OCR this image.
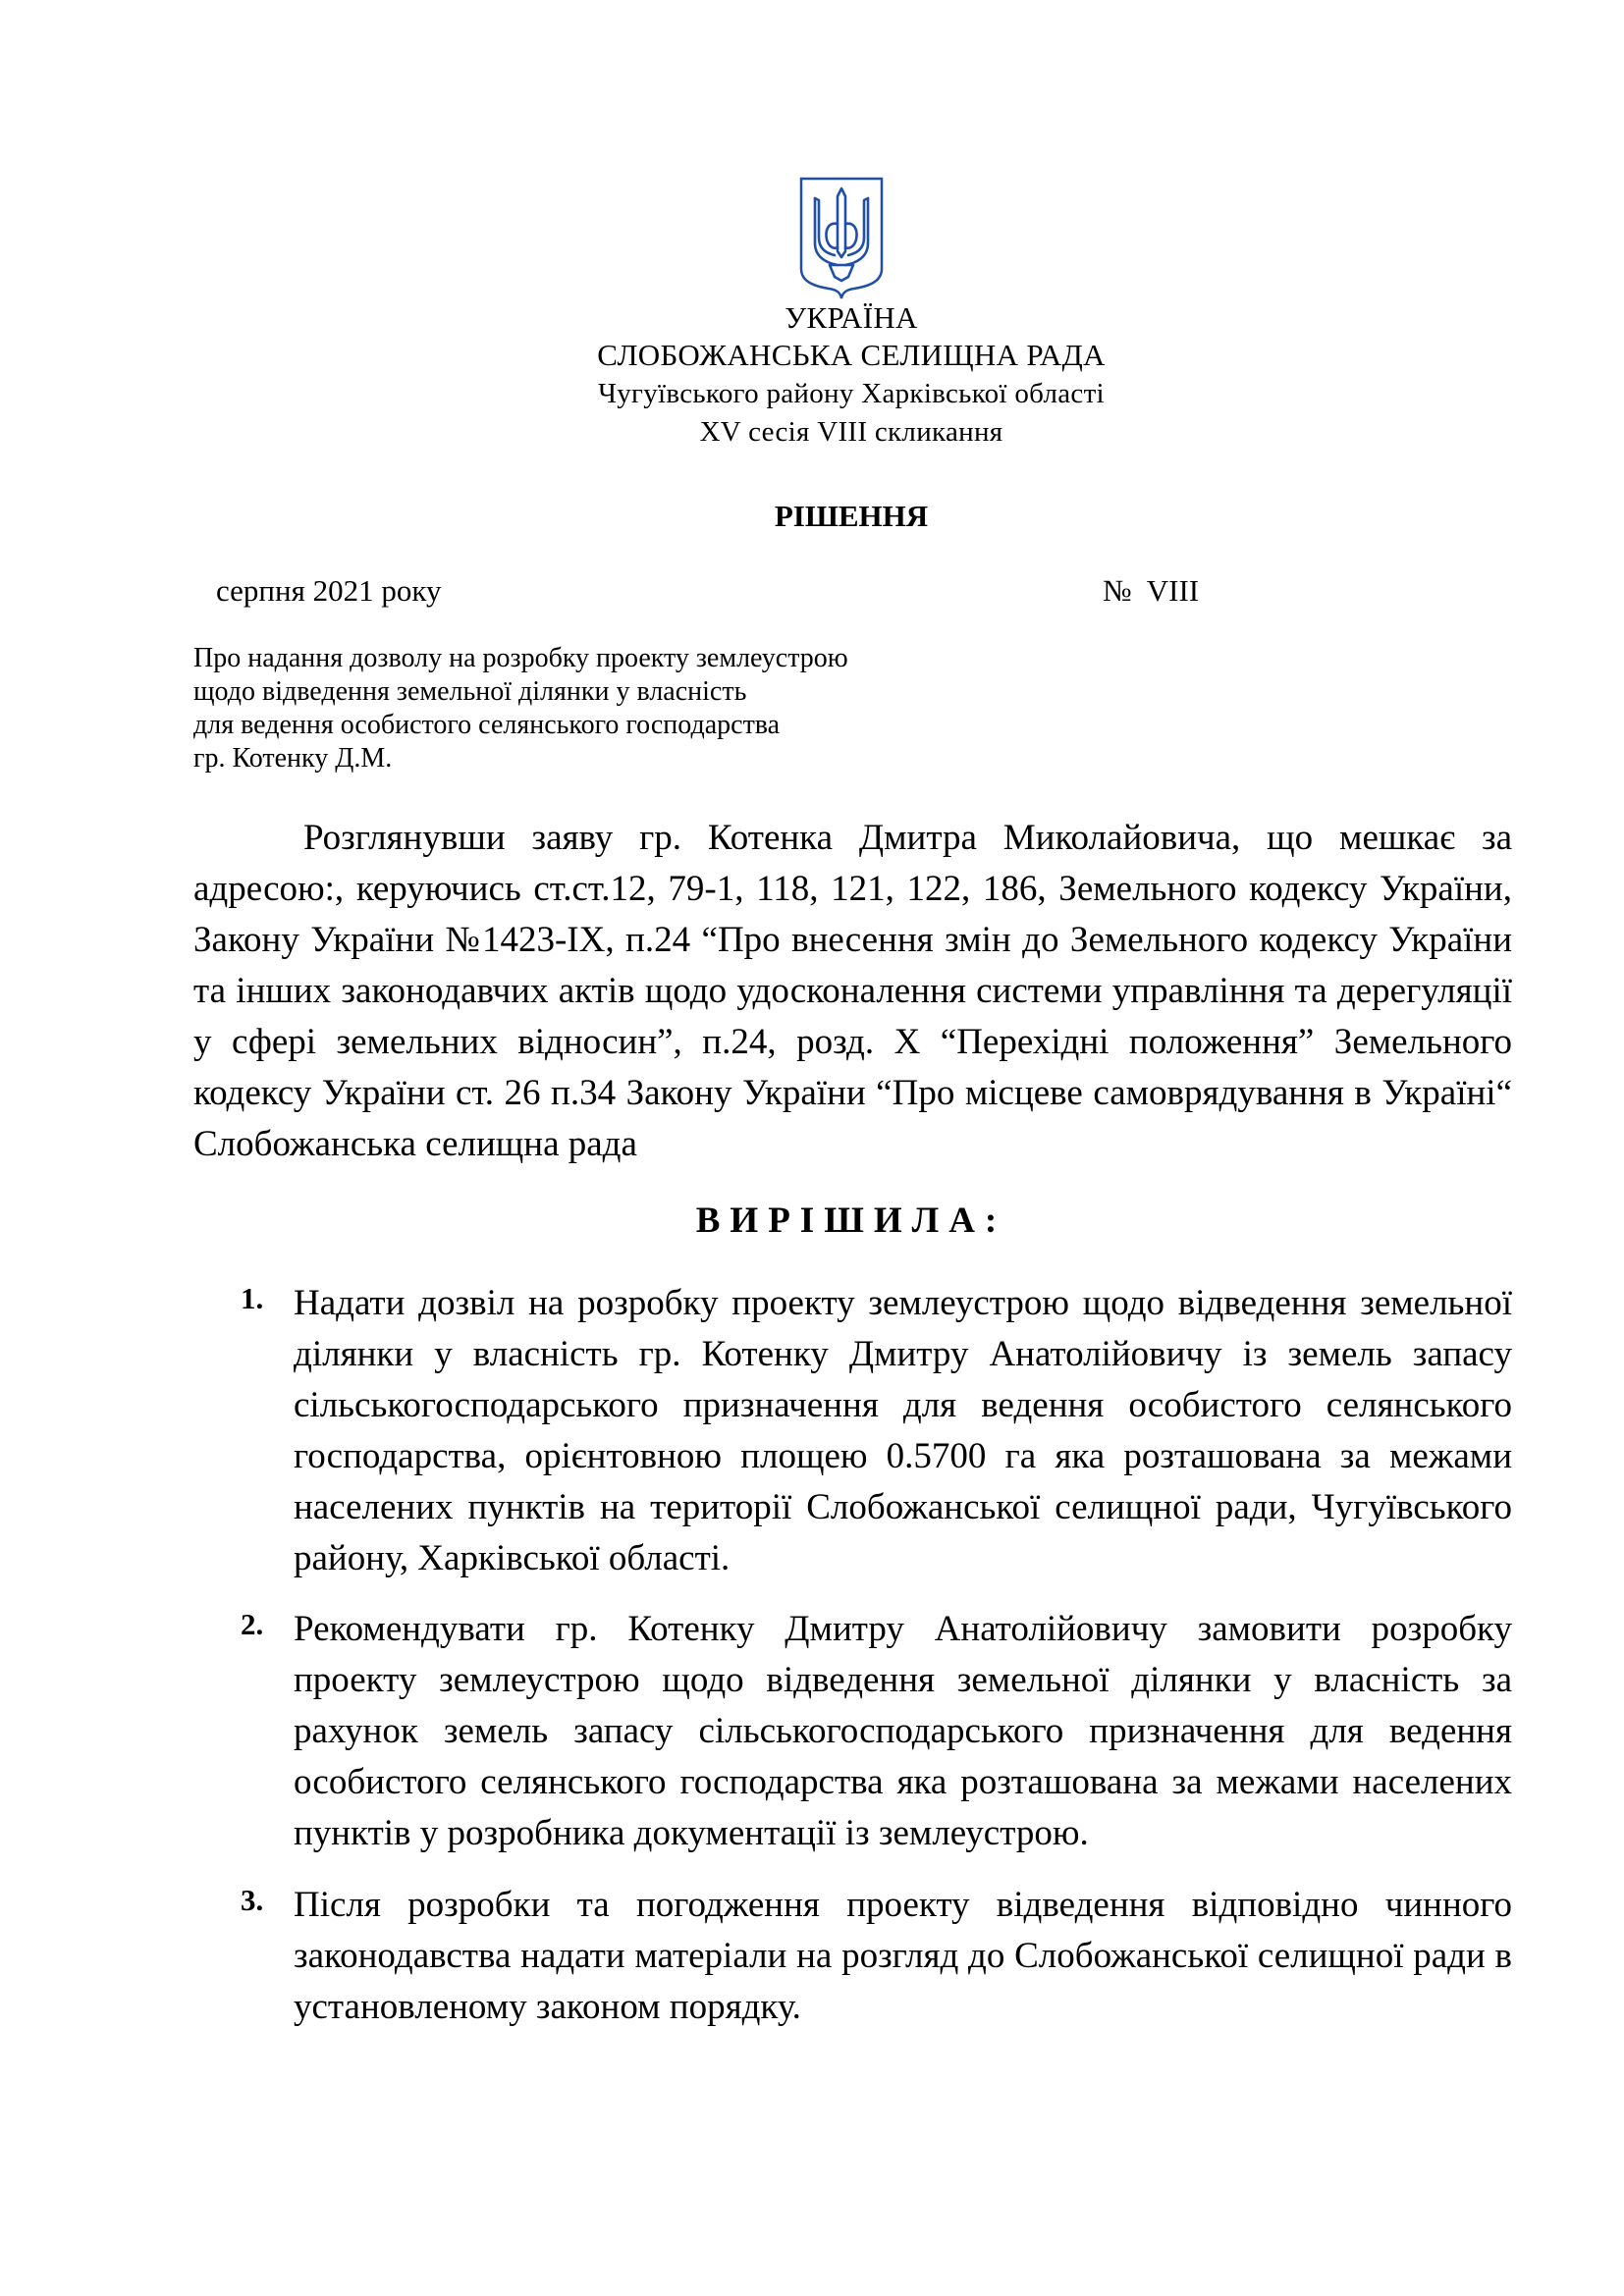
УКРАЇНА
СЛОБОЖАНСЬКА СЕЛИЩНА РАДА
Чугуївського району Харківської області
XV сесія VIII скликання
РІШЕННЯ
серпня 2021 року	№ VIII
Про надання дозволу на розробку проекту землеустрою
щодо відведення земельної ділянки у власність
для ведення особистого селянського господарства
гр. Котенку Д.М.
Розглянувши заяву гр. Котенка Дмитра Миколайовича, що мешкає за адресою:, керуючись ст.ст.12, 79-1, 118, 121, 122, 186, Земельного кодексу України, Закону України №1423-IX, п.24 “Про внесення змін до Земельного кодексу України та інших законодавчих актів щодо удосконалення системи управління та дерегуляції у сфері земельних відносин”, п.24, розд. X “Перехідні положення” Земельного кодексу України ст. 26 п.34 Закону України “Про місцеве самоврядування в Україні“ Слобожанська селищна рада
ВИРІШИЛА:
1. Надати дозвіл на розробку проекту землеустрою щодо відведення земельної ділянки у власність гр. Котенку Дмитру Анатолійовичу із земель запасу сільськогосподарського призначення для ведення особистого селянського господарства, орієнтовною площею 0.5700 га яка розташована за межами населених пунктів на території Слобожанської селищної ради, Чугуївського району, Харківської області.
2. Рекомендувати гр. Котенку Дмитру Анатолійовичу замовити розробку проекту землеустрою щодо відведення земельної ділянки у власність за рахунок земель запасу сільськогосподарського призначення для ведення особистого селянського господарства яка розташована за межами населених пунктів у розробника документації із землеустрою.
3. Після розробки та погодження проекту відведення відповідно чинного законодавства надати матеріали на розгляд до Слобожанської селищної ради в установленому законом порядку.
